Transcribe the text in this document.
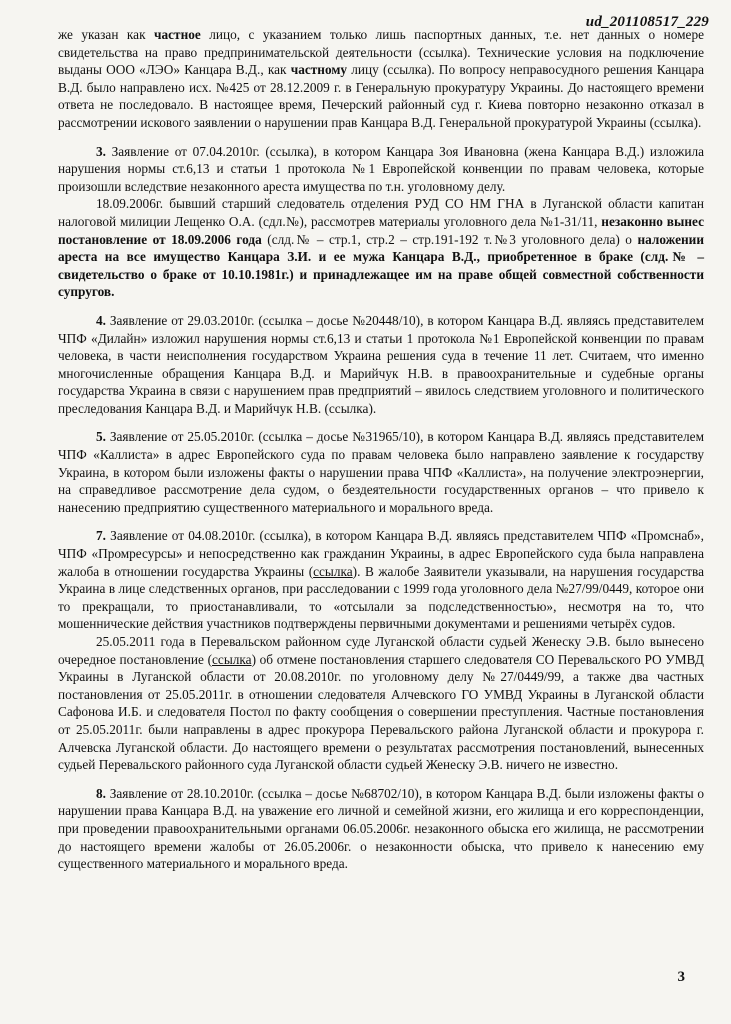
ud_201108517_229

же указан как частное лицо, с указанием только лишь паспортных данных, т.е. нет данных о номере свидетельства на право предпринимательской деятельности (ссылка). Технические условия на подключение выданы ООО «ЛЭО» Канцара В.Д., как частному лицу (ссылка). По вопросу неправосудного решения Канцара В.Д. было направлено исх. №425 от 28.12.2009 г. в Генеральную прокуратуру Украины. До настоящего времени ответа не последовало. В настоящее время, Печерский районный суд г. Киева повторно незаконно отказал в рассмотрении искового заявлении о нарушении прав Канцара В.Д. Генеральной прокуратурой Украины (ссылка).

3. Заявление от 07.04.2010г. (ссылка), в котором Канцара Зоя Ивановна (жена Канцара В.Д.) изложила нарушения нормы ст.6,13 и статьи 1 протокола №1 Европейской конвенции по правам человека, которые произошли вследствие незаконного ареста имущества по т.н. уголовному делу.

18.09.2006г. бывший старший следователь отделения РУД СО НМ ГНА в Луганской области капитан налоговой милиции Лещенко О.А. (сдл.№), рассмотрев материалы уголовного дела №1-31/11, незаконно вынес постановление от 18.09.2006 года (слд.№ – стр.1, стр.2 – стр.191-192 т.№3 уголовного дела) о наложении ареста на все имущество Канцара З.И. и ее мужа Канцара В.Д., приобретенное в браке (слд.№ – свидетельство о браке от 10.10.1981г.) и принадлежащее им на праве общей совместной собственности супругов.

4. Заявление от 29.03.2010г. (ссылка – досье №20448/10), в котором Канцара В.Д. являясь представителем ЧПФ «Дилайн» изложил нарушения нормы ст.6,13 и статьи 1 протокола №1 Европейской конвенции по правам человека, в части неисполнения государством Украина решения суда в течение 11 лет. Считаем, что именно многочисленные обращения Канцара В.Д. и Марийчук Н.В. в правоохранительные и судебные органы государства Украина в связи с нарушением прав предприятий – явилось следствием уголовного и политического преследования Канцара В.Д. и Марийчук Н.В. (ссылка).

5. Заявление от 25.05.2010г. (ссылка – досье №31965/10), в котором Канцара В.Д. являясь представителем ЧПФ «Каллиста» в адрес Европейского суда по правам человека было направлено заявление к государству Украина, в котором были изложены факты о нарушении права ЧПФ «Каллиста», на получение электроэнергии, на справедливое рассмотрение дела судом, о бездеятельности государственных органов – что привело к нанесению предприятию существенного материального и морального вреда.

7. Заявление от 04.08.2010г. (ссылка), в котором Канцара В.Д. являясь представителем ЧПФ «Промснаб», ЧПФ «Промресурсы» и непосредственно как гражданин Украины, в адрес Европейского суда была направлена жалоба в отношении государства Украины (ссылка). В жалобе Заявители указывали, на нарушения государства Украина в лице следственных органов, при расследовании с 1999 года уголовного дела №27/99/0449, которое они то прекращали, то приостанавливали, то «отсылали за подследственностью», несмотря на то, что мошеннические действия участников подтверждены первичными документами и решениями четырёх судов.

25.05.2011 года в Перевальском районном суде Луганской области судьей Женеску Э.В. было вынесено очередное постановление (ссылка) об отмене постановления старшего следователя СО Перевальского РО УМВД Украины в Луганской области от 20.08.2010г. по уголовному делу №27/0449/99, а также два частных постановления от 25.05.2011г. в отношении следователя Алчевского ГО УМВД Украины в Луганской области Сафонова И.Б. и следователя Постол по факту сообщения о совершении преступления. Частные постановления от 25.05.2011г. были направлены в адрес прокурора Перевальского района Луганской области и прокурора г. Алчевска Луганской области. До настоящего времени о результатах рассмотрения постановлений, вынесенных судьей Перевальского районного суда Луганской области судьей Женеску Э.В. ничего не известно.

8. Заявление от 28.10.2010г. (ссылка – досье №68702/10), в котором Канцара В.Д. были изложены факты о нарушении права Канцара В.Д. на уважение его личной и семейной жизни, его жилища и его корреспонденции, при проведении правоохранительными органами 06.05.2006г. незаконного обыска его жилища, не рассмотрении до настоящего времени жалобы от 26.05.2006г. о незаконности обыска, что привело к нанесению ему существенного материального и морального вреда.

3
